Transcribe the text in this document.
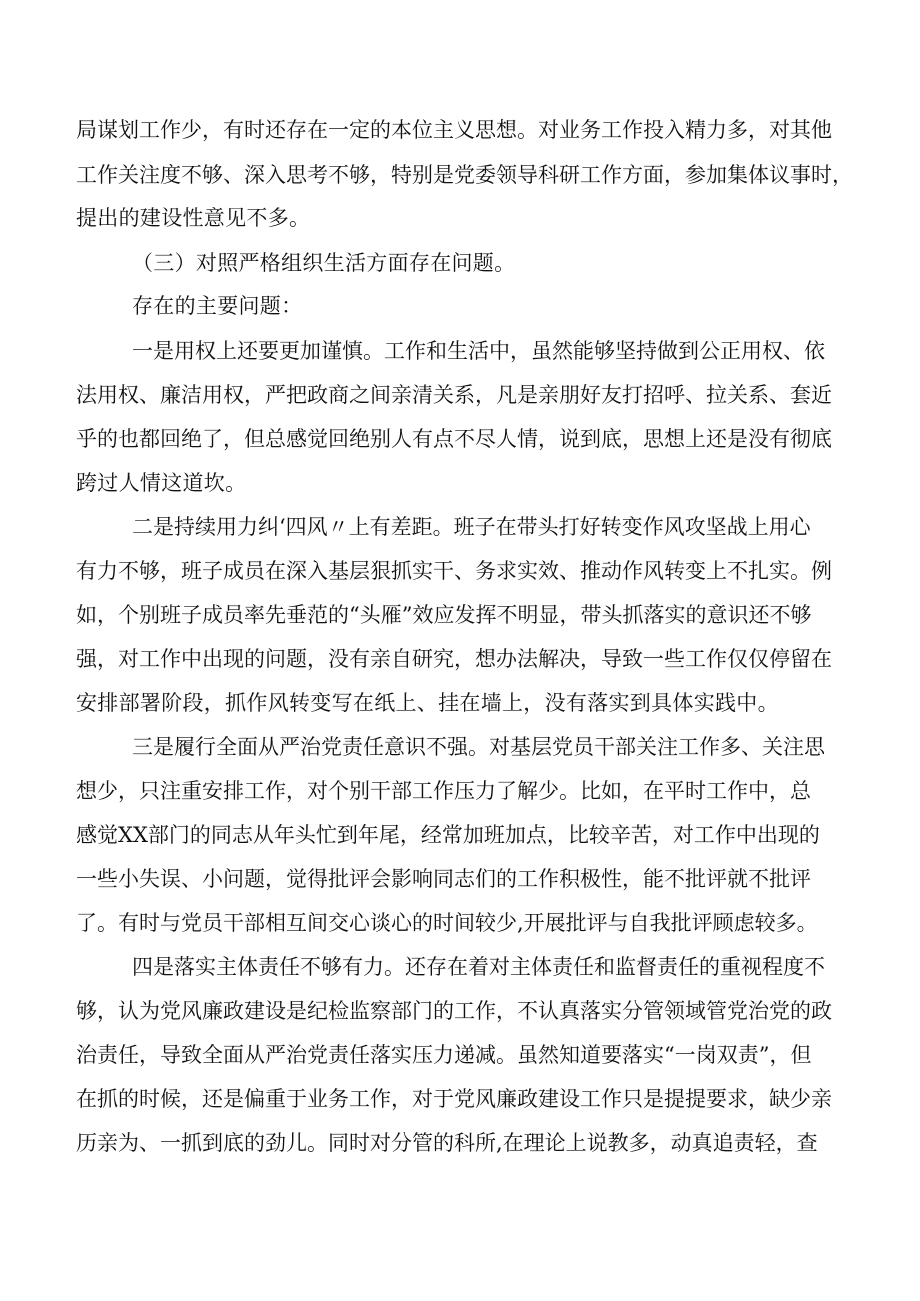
局谋划工作少，有时还存在一定的本位主义思想。对业务工作投入精力多，对其他
工作关注度不够、深入思考不够，特别是党委领导科研工作方面，参加集体议事时，
提出的建设性意见不多。
（三）对照严格组织生活方面存在问题。
存在的主要问题：
一是用权上还要更加谨慎。工作和生活中，虽然能够坚持做到公正用权、依
法用权、廉洁用权，严把政商之间亲清关系，凡是亲朋好友打招呼、拉关系、套近
乎的也都回绝了，但总感觉回绝别人有点不尽人情，说到底，思想上还是没有彻底
跨过人情这道坎。
二是持续用力纠‘四风〃上有差距。班子在带头打好转变作风攻坚战上用心
有力不够，班子成员在深入基层狠抓实干、务求实效、推动作风转变上不扎实。例
如，个别班子成员率先垂范的“头雁”效应发挥不明显，带头抓落实的意识还不够
强，对工作中出现的问题，没有亲自研究，想办法解决，导致一些工作仅仅停留在
安排部署阶段，抓作风转变写在纸上、挂在墙上，没有落实到具体实践中。
三是履行全面从严治党责任意识不强。对基层党员干部关注工作多、关注思
想少，只注重安排工作，对个别干部工作压力了解少。比如，在平时工作中，总
感觉XX部门的同志从年头忙到年尾，经常加班加点，比较辛苦，对工作中出现的
一些小失误、小问题，觉得批评会影响同志们的工作积极性，能不批评就不批评
了。有时与党员干部相互间交心谈心的时间较少,开展批评与自我批评顾虑较多。
四是落实主体责任不够有力。还存在着对主体责任和监督责任的重视程度不
够，认为党风廉政建设是纪检监察部门的工作，不认真落实分管领域管党治党的政
治责任，导致全面从严治党责任落实压力递减。虽然知道要落实“一岗双责”，但
在抓的时候，还是偏重于业务工作，对于党风廉政建设工作只是提提要求，缺少亲
历亲为、一抓到底的劲儿。同时对分管的科所,在理论上说教多，动真追责轻，查
